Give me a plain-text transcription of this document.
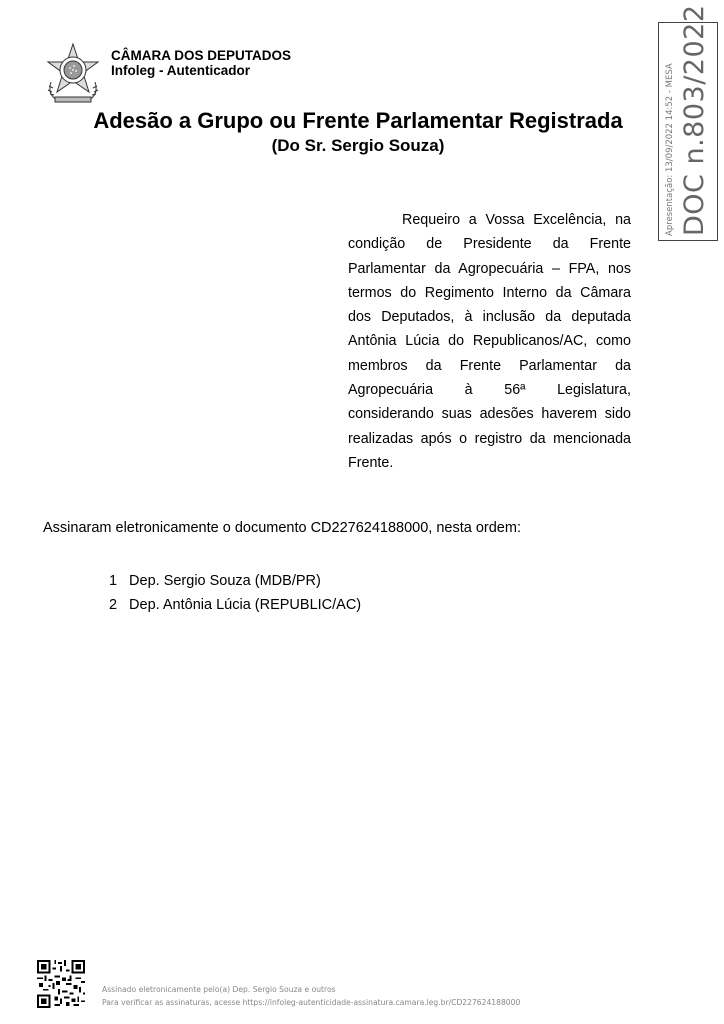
CÂMARA DOS DEPUTADOS
Infoleg - Autenticador
Adesão a Grupo ou Frente Parlamentar Registrada
(Do Sr. Sergio Souza)	Apresentação: 13/09/2022 14:52 - MESA DOC n.803/2022

Requeiro a Vossa Excelência, na condição de Presidente da Frente Parlamentar da Agropecuária – FPA, nos termos do Regimento Interno da Câmara dos Deputados, à inclusão da deputada Antônia Lúcia do Republicanos/AC, como membros da Frente Parlamentar da Agropecuária à 56ª Legislatura, considerando suas adesões haverem sido realizadas após o registro da mencionada Frente.

Assinaram eletronicamente o documento CD227624188000, nesta ordem:
1 Dep. Sergio Souza (MDB/PR)
2 Dep. Antônia Lúcia (REPUBLIC/AC)
Assinado eletronicamente pelo(a) Dep. Sergio Souza e outros
Para verificar as assinaturas, acesse https://infoleg-autenticidade-assinatura.camara.leg.br/CD227624188000
